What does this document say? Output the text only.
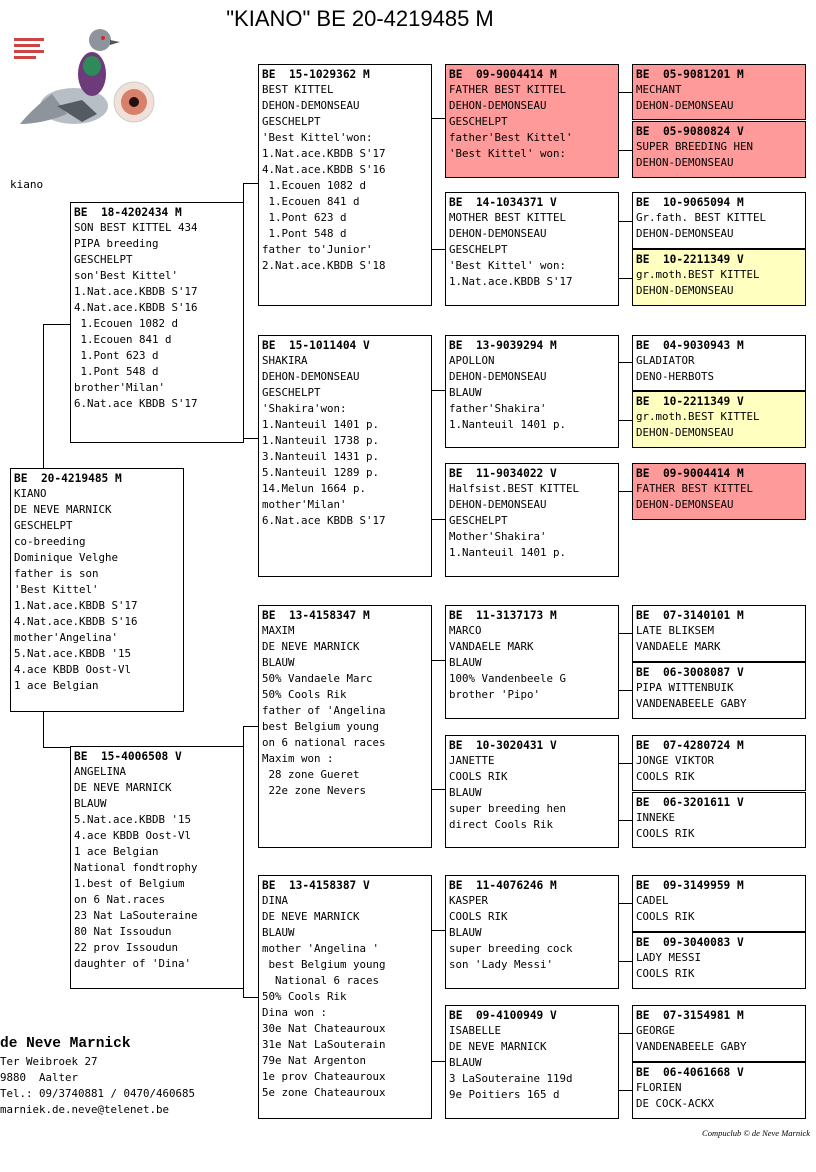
"KIANO" BE 20-4219485 M
kiano
BE  20-4219485 M
KIANO
DE NEVE MARNICK
GESCHELPT
co-breeding
Dominique Velghe
father is son
'Best Kittel'
1.Nat.ace.KBDB S'17
4.Nat.ace.KBDB S'16
mother'Angelina'
5.Nat.ace.KBDB '15
4.ace KBDB Oost-Vl
1 ace Belgian
BE  18-4202434 M
SON BEST KITTEL 434
PIPA breeding
GESCHELPT
son'Best Kittel'
1.Nat.ace.KBDB S'17
4.Nat.ace.KBDB S'16
1.Ecouen 1082 d
1.Ecouen 841 d
1.Pont 623 d
1.Pont 548 d
brother'Milan'
6.Nat.ace KBDB S'17
BE  15-4006508 V
ANGELINA
DE NEVE MARNICK
BLAUW
5.Nat.ace.KBDB '15
4.ace KBDB Oost-Vl
1 ace Belgian
National fondtrophy
1.best of Belgium
on 6 Nat.races
23 Nat LaSouteraine
80 Nat Issoudun
22 prov Issoudun
daughter of 'Dina'
BE  15-1029362 M
BEST KITTEL
DEHON-DEMONSEAU
GESCHELPT
'Best Kittel'won:
1.Nat.ace.KBDB S'17
4.Nat.ace.KBDB S'16
1.Ecouen 1082 d
1.Ecouen 841 d
1.Pont 623 d
1.Pont 548 d
father to'Junior'
2.Nat.ace.KBDB S'18
BE  15-1011404 V
SHAKIRA
DEHON-DEMONSEAU
GESCHELPT
'Shakira'won:
1.Nanteuil 1401 p.
1.Nanteuil 1738 p.
3.Nanteuil 1431 p.
5.Nanteuil 1289 p.
14.Melun 1664 p.
mother'Milan'
6.Nat.ace KBDB S'17
BE  13-4158347 M
MAXIM
DE NEVE MARNICK
BLAUW
50% Vandaele Marc
50% Cools Rik
father of 'Angelina
best Belgium young
on 6 national races
Maxim won :
28 zone Gueret
22e zone Nevers
BE  13-4158387 V
DINA
DE NEVE MARNICK
BLAUW
mother 'Angelina '
best Belgium young
National 6 races
50% Cools Rik
Dina won :
30e Nat Chateauroux
31e Nat LaSouterain
79e Nat Argenton
1e prov Chateauroux
5e zone Chateauroux
BE  09-9004414 M
FATHER BEST KITTEL
DEHON-DEMONSEAU
GESCHELPT
father'Best Kittel'
'Best Kittel' won:
BE  14-1034371 V
MOTHER BEST KITTEL
DEHON-DEMONSEAU
GESCHELPT
'Best Kittel' won:
1.Nat.ace.KBDB S'17
BE  13-9039294 M
APOLLON
DEHON-DEMONSEAU
BLAUW
father'Shakira'
1.Nanteuil 1401 p.
BE  11-9034022 V
Halfsist.BEST KITTEL
DEHON-DEMONSEAU
GESCHELPT
Mother'Shakira'
1.Nanteuil 1401 p.
BE  11-3137173 M
MARCO
VANDAELE MARK
BLAUW
100% Vandenbeele G
brother 'Pipo'
BE  10-3020431 V
JANETTE
COOLS RIK
BLAUW
super breeding hen
direct Cools Rik
BE  11-4076246 M
KASPER
COOLS RIK
BLAUW
super breeding cock
son 'Lady Messi'
BE  09-4100949 V
ISABELLE
DE NEVE MARNICK
BLAUW
3 LaSouteraine 119d
9e Poitiers 165 d
BE  05-9081201 M
MECHANT
DEHON-DEMONSEAU
BE  05-9080824 V
SUPER BREEDING HEN
DEHON-DEMONSEAU
BE  10-9065094 M
Gr.fath. BEST KITTEL
DEHON-DEMONSEAU
BE  10-2211349 V
gr.moth.BEST KITTEL
DEHON-DEMONSEAU
BE  04-9030943 M
GLADIATOR
DENO-HERBOTS
BE  10-2211349 V
gr.moth.BEST KITTEL
DEHON-DEMONSEAU
BE  09-9004414 M
FATHER BEST KITTEL
DEHON-DEMONSEAU
BE  07-3140101 M
LATE BLIKSEM
VANDAELE MARK
BE  06-3008087 V
PIPA WITTENBUIK
VANDENABEELE GABY
BE  07-4280724 M
JONGE VIKTOR
COOLS RIK
BE  06-3201611 V
INNEKE
COOLS RIK
BE  09-3149959 M
CADEL
COOLS RIK
BE  09-3040083 V
LADY MESSI
COOLS RIK
BE  07-3154981 M
GEORGE
VANDENABEELE GABY
BE  06-4061668 V
FLORIEN
DE COCK-ACKX
de Neve Marnick
Ter Weibroek 27
9880  Aalter
Tel.: 09/3740881 / 0470/460685
marniek.de.neve@telenet.be
Compuclub © de Neve Marnick
